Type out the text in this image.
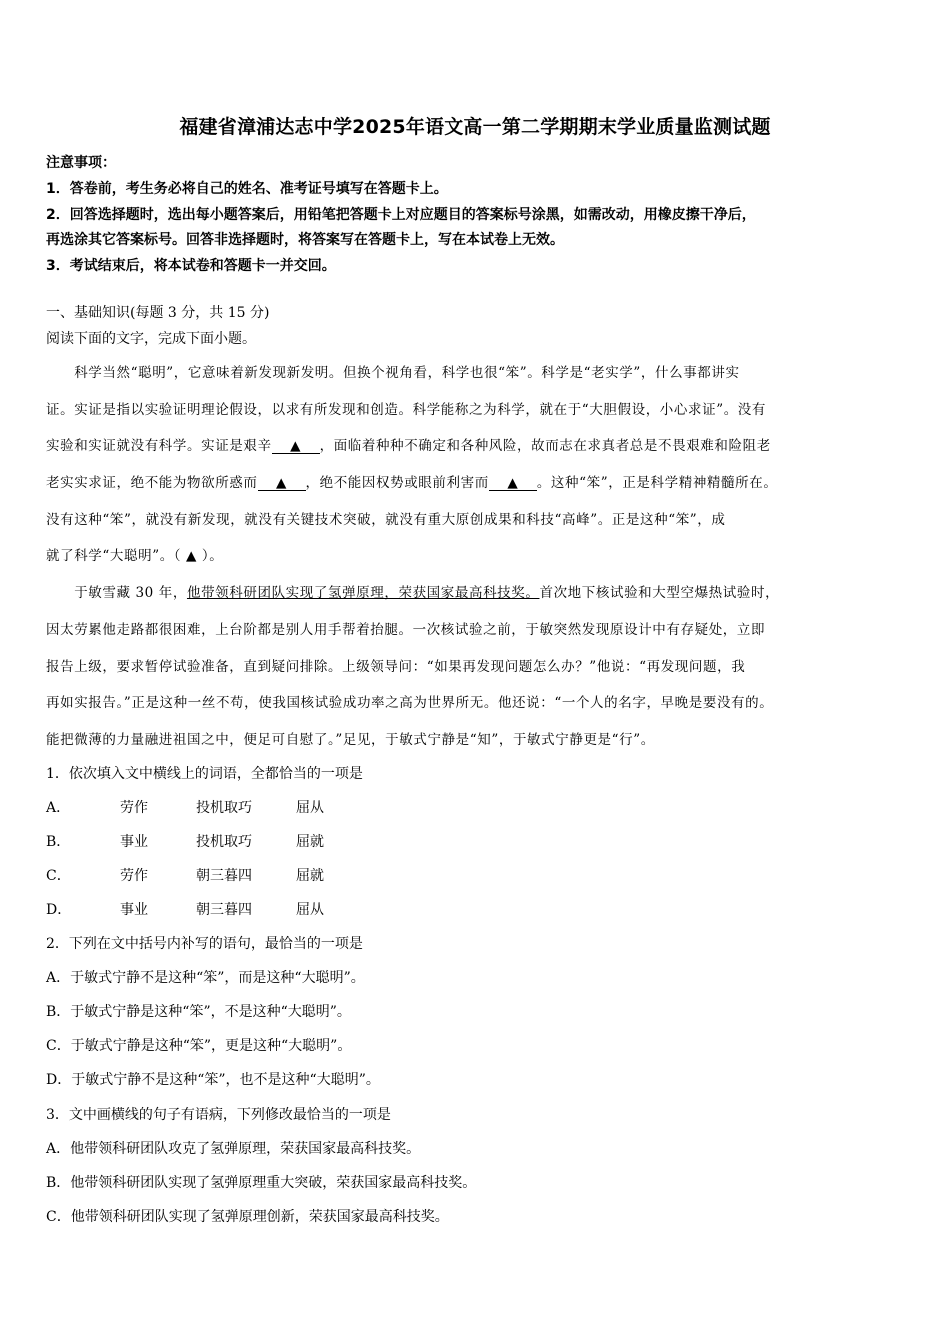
福建省漳浦达志中学2025年语文高一第二学期期末学业质量监测试题
注意事项：
1．答卷前，考生务必将自己的姓名、准考证号填写在答题卡上。
2．回答选择题时，选出每小题答案后，用铅笔把答题卡上对应题目的答案标号涂黑，如需改动，用橡皮擦干净后，
再选涂其它答案标号。回答非选择题时，将答案写在答题卡上，写在本试卷上无效。
3．考试结束后，将本试卷和答题卡一并交回。
一、基础知识(每题 3 分，共 15 分)
阅读下面的文字，完成下面小题。
　　科学当然“聪明”，它意味着新发现新发明。但换个视角看，科学也很“笨”。科学是“老实学”，什么事都讲实
证。实证是指以实验证明理论假设，以求有所发现和创造。科学能称之为科学，就在于“大胆假设，小心求证”。没有
实验和实证就没有科学。实证是艰辛 ▲ ，面临着种种不确定和各种风险，故而志在求真者总是不畏艰难和险阻老
老实实求证，绝不能为物欲所惑而 ▲ ，绝不能因权势或眼前利害而 ▲ 。这种“笨”，正是科学精神精髓所在。
没有这种“笨”，就没有新发现，就没有关键技术突破，就没有重大原创成果和科技“高峰”。正是这种“笨”，成
就了科学“大聪明”。（ ▲ ）。
　　于敏雪藏 30 年，他带领科研团队实现了氢弹原理，荣获国家最高科技奖。首次地下核试验和大型空爆热试验时，
因太劳累他走路都很困难，上台阶都是别人用手帮着抬腿。一次核试验之前，于敏突然发现原设计中有存疑处，立即
报告上级，要求暂停试验准备，直到疑问排除。上级领导问：“如果再发现问题怎么办？”他说：“再发现问题，我
再如实报告。”正是这种一丝不苟，使我国核试验成功率之高为世界所无。他还说：“一个人的名字，早晚是要没有的。
能把微薄的力量融进祖国之中，便足可自慰了。”足见，于敏式宁静是“知”，于敏式宁静更是“行”。
1．依次填入文中横线上的词语，全都恰当的一项是
A．	劳作	投机取巧	屈从
B．	事业	投机取巧	屈就
C．	劳作	朝三暮四	屈就
D．	事业	朝三暮四	屈从
2．下列在文中括号内补写的语句，最恰当的一项是
A．于敏式宁静不是这种“笨”，而是这种“大聪明”。
B．于敏式宁静是这种“笨”，不是这种“大聪明”。
C．于敏式宁静是这种“笨”，更是这种“大聪明”。
D．于敏式宁静不是这种“笨”，也不是这种“大聪明”。
3．文中画横线的句子有语病，下列修改最恰当的一项是
A．他带领科研团队攻克了氢弹原理，荣获国家最高科技奖。
B．他带领科研团队实现了氢弹原理重大突破，荣获国家最高科技奖。
C．他带领科研团队实现了氢弹原理创新，荣获国家最高科技奖。
